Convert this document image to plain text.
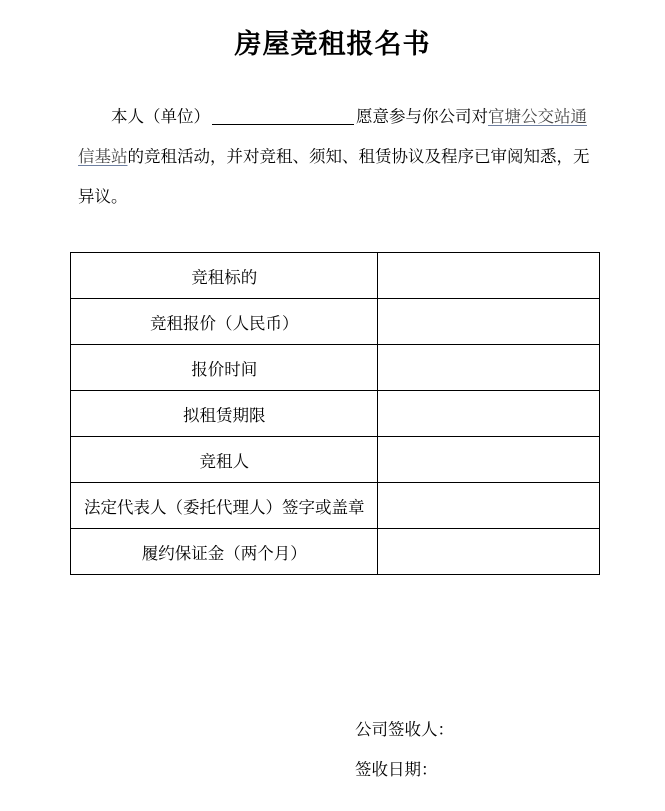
房屋竞租报名书
本人（单位）	愿意参与你公司对官塘公交站通信基站的竞租活动，并对竞租、须知、租赁协议及程序已审阅知悉，无异议。
竞租标的	
竞租报价（人民币）	
报价时间	
拟租赁期限	
竞租人	
法定代表人（委托代理人）签字或盖章	
履约保证金（两个月）	
公司签收人：
签收日期：
